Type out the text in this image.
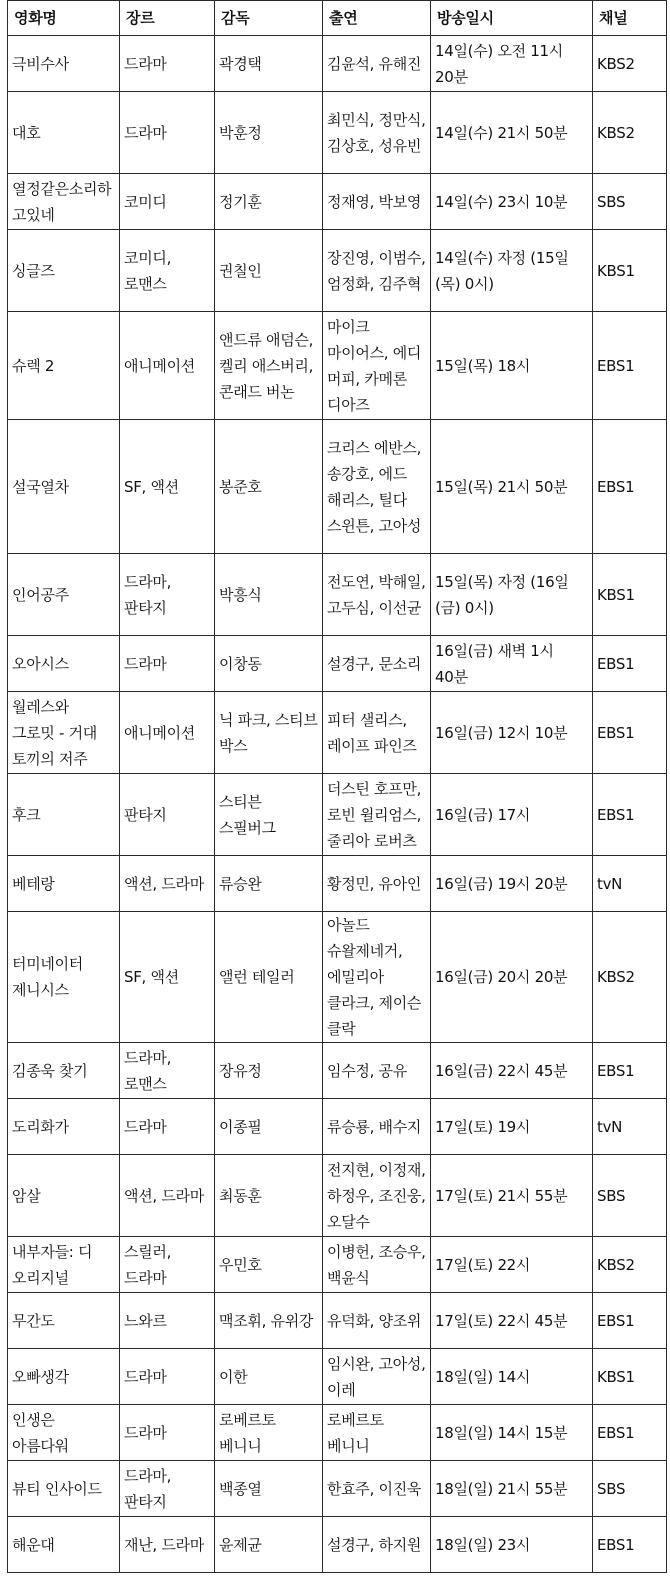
영화명	장르	감독	출연	방송일시	채널
극비수사	드라마	곽경택	김윤석, 유해진	14일(수) 오전 11시 20분	KBS2
대호	드라마	박훈정	최민식, 정만식, 김상호, 성유빈	14일(수) 21시 50분	KBS2
열정같은소리하고있네	코미디	정기훈	정재영, 박보영	14일(수) 23시 10분	SBS
싱글즈	코미디, 로맨스	권칠인	장진영, 이범수, 엄정화, 김주혁	14일(수) 자정 (15일(목) 0시)	KBS1
슈렉 2	애니메이션	앤드류 애덤슨, 켈리 애스버리, 콘래드 버논	마이크 마이어스, 에디 머피, 카메론 디아즈	15일(목) 18시	EBS1
설국열차	SF, 액션	봉준호	크리스 에반스, 송강호, 에드 해리스, 틸다 스윈튼, 고아성	15일(목) 21시 50분	EBS1
인어공주	드라마, 판타지	박흥식	전도연, 박해일, 고두심, 이선균	15일(목) 자정 (16일(금) 0시)	KBS1
오아시스	드라마	이창동	설경구, 문소리	16일(금) 새벽 1시 40분	EBS1
월레스와 그로밋 - 거대 토끼의 저주	애니메이션	닉 파크, 스티브 박스	피터 샐리스, 레이프 파인즈	16일(금) 12시 10분	EBS1
후크	판타지	스티븐 스필버그	더스틴 호프만, 로빈 윌리엄스, 줄리아 로버츠	16일(금) 17시	EBS1
베테랑	액션, 드라마	류승완	황정민, 유아인	16일(금) 19시 20분	tvN
터미네이터 제니시스	SF, 액션	앨런 테일러	아놀드 슈왈제네거, 에밀리아 클라크, 제이슨 클락	16일(금) 20시 20분	KBS2
김종욱 찾기	드라마, 로맨스	장유정	임수정, 공유	16일(금) 22시 45분	EBS1
도리화가	드라마	이종필	류승룡, 배수지	17일(토) 19시	tvN
암살	액션, 드라마	최동훈	전지현, 이정재, 하정우, 조진웅, 오달수	17일(토) 21시 55분	SBS
내부자들: 디 오리지널	스릴러, 드라마	우민호	이병헌, 조승우, 백윤식	17일(토) 22시	KBS2
무간도	느와르	맥조휘, 유위강	유덕화, 양조위	17일(토) 22시 45분	EBS1
오빠생각	드라마	이한	임시완, 고아성, 이레	18일(일) 14시	KBS1
인생은 아름다워	드라마	로베르토 베니니	로베르토 베니니	18일(일) 14시 15분	EBS1
뷰티 인사이드	드라마, 판타지	백종열	한효주, 이진욱	18일(일) 21시 55분	SBS
해운대	재난, 드라마	윤제균	설경구, 하지원	18일(일) 23시	EBS1
